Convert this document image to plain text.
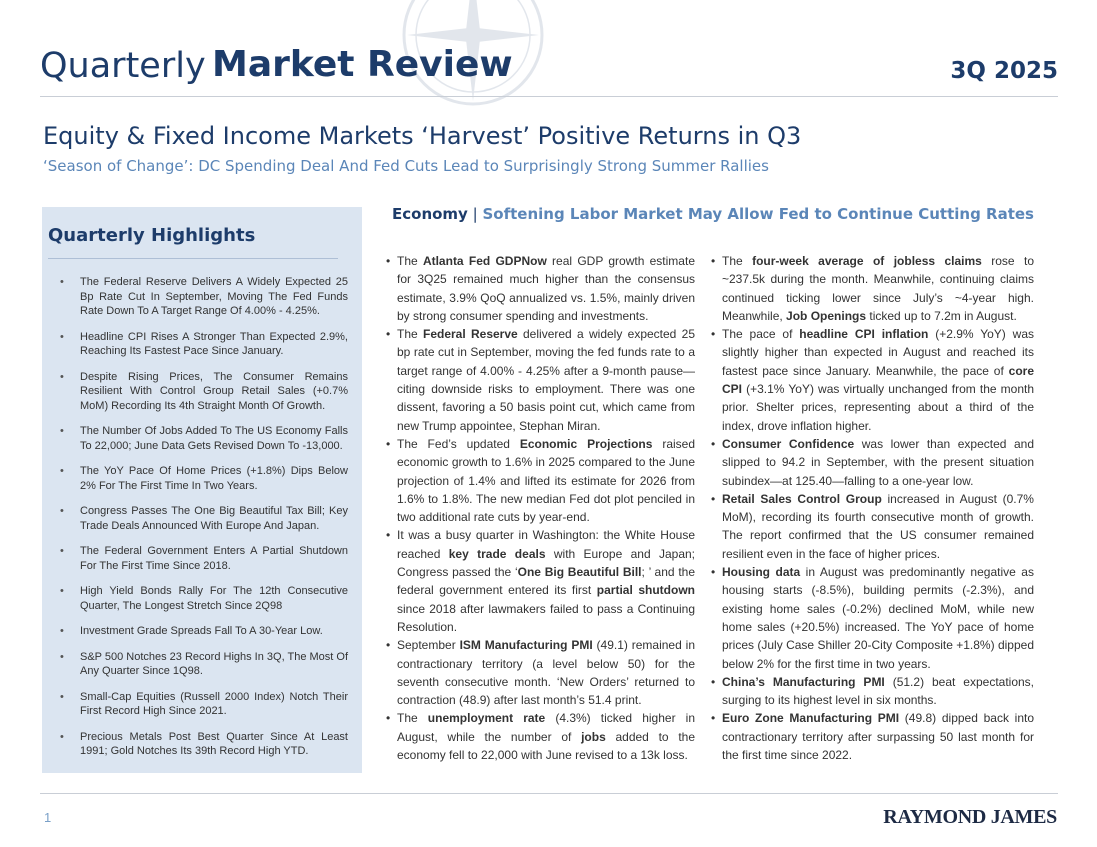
Quarterly Market Review	3Q 2025
Equity & Fixed Income Markets ‘Harvest’ Positive Returns in Q3
‘Season of Change’: DC Spending Deal And Fed Cuts Lead to Surprisingly Strong Summer Rallies
Quarterly Highlights
• The Federal Reserve Delivers A Widely Expected 25 Bp Rate Cut In September, Moving The Fed Funds Rate Down To A Target Range Of 4.00% - 4.25%.
• Headline CPI Rises A Stronger Than Expected 2.9%, Reaching Its Fastest Pace Since January.
• Despite Rising Prices, The Consumer Remains Resilient With Control Group Retail Sales (+0.7% MoM) Recording Its 4th Straight Month Of Growth.
• The Number Of Jobs Added To The US Economy Falls To 22,000; June Data Gets Revised Down To -13,000.
• The YoY Pace Of Home Prices (+1.8%) Dips Below 2% For The First Time In Two Years.
• Congress Passes The One Big Beautiful Tax Bill; Key Trade Deals Announced With Europe And Japan.
• The Federal Government Enters A Partial Shutdown For The First Time Since 2018.
• High Yield Bonds Rally For The 12th Consecutive Quarter, The Longest Stretch Since 2Q98
• Investment Grade Spreads Fall To A 30-Year Low.
• S&P 500 Notches 23 Record Highs In 3Q, The Most Of Any Quarter Since 1Q98.
• Small-Cap Equities (Russell 2000 Index) Notch Their First Record High Since 2021.
• Precious Metals Post Best Quarter Since At Least 1991; Gold Notches Its 39th Record High YTD.
Economy | Softening Labor Market May Allow Fed to Continue Cutting Rates
• The Atlanta Fed GDPNow real GDP growth estimate for 3Q25 remained much higher than the consensus estimate, 3.9% QoQ annualized vs. 1.5%, mainly driven by strong consumer spending and investments.
• The Federal Reserve delivered a widely expected 25 bp rate cut in September, moving the fed funds rate to a target range of 4.00% - 4.25% after a 9-month pause—citing downside risks to employment. There was one dissent, favoring a 50 basis point cut, which came from new Trump appointee, Stephan Miran.
• The Fed’s updated Economic Projections raised economic growth to 1.6% in 2025 compared to the June projection of 1.4% and lifted its estimate for 2026 from 1.6% to 1.8%. The new median Fed dot plot penciled in two additional rate cuts by year-end.
• It was a busy quarter in Washington: the White House reached key trade deals with Europe and Japan; Congress passed the ‘One Big Beautiful Bill; ’ and the federal government entered its first partial shutdown since 2018 after lawmakers failed to pass a Continuing Resolution.
• September ISM Manufacturing PMI (49.1) remained in contractionary territory (a level below 50) for the seventh consecutive month. ‘New Orders’ returned to contraction (48.9) after last month’s 51.4 print.
• The unemployment rate (4.3%) ticked higher in August, while the number of jobs added to the economy fell to 22,000 with June revised to a 13k loss.
• The four-week average of jobless claims rose to ~237.5k during the month. Meanwhile, continuing claims continued ticking lower since July’s ~4-year high. Meanwhile, Job Openings ticked up to 7.2m in August.
• The pace of headline CPI inflation (+2.9% YoY) was slightly higher than expected in August and reached its fastest pace since January. Meanwhile, the pace of core CPI (+3.1% YoY) was virtually unchanged from the month prior. Shelter prices, representing about a third of the index, drove inflation higher.
• Consumer Confidence was lower than expected and slipped to 94.2 in September, with the present situation subindex—at 125.40—falling to a one-year low.
• Retail Sales Control Group increased in August (0.7% MoM), recording its fourth consecutive month of growth. The report confirmed that the US consumer remained resilient even in the face of higher prices.
• Housing data in August was predominantly negative as housing starts (-8.5%), building permits (-2.3%), and existing home sales (-0.2%) declined MoM, while new home sales (+20.5%) increased. The YoY pace of home prices (July Case Shiller 20-City Composite +1.8%) dipped below 2% for the first time in two years.
• China’s Manufacturing PMI (51.2) beat expectations, surging to its highest level in six months.
• Euro Zone Manufacturing PMI (49.8) dipped back into contractionary territory after surpassing 50 last month for the first time since 2022.
1	RAYMOND JAMES
